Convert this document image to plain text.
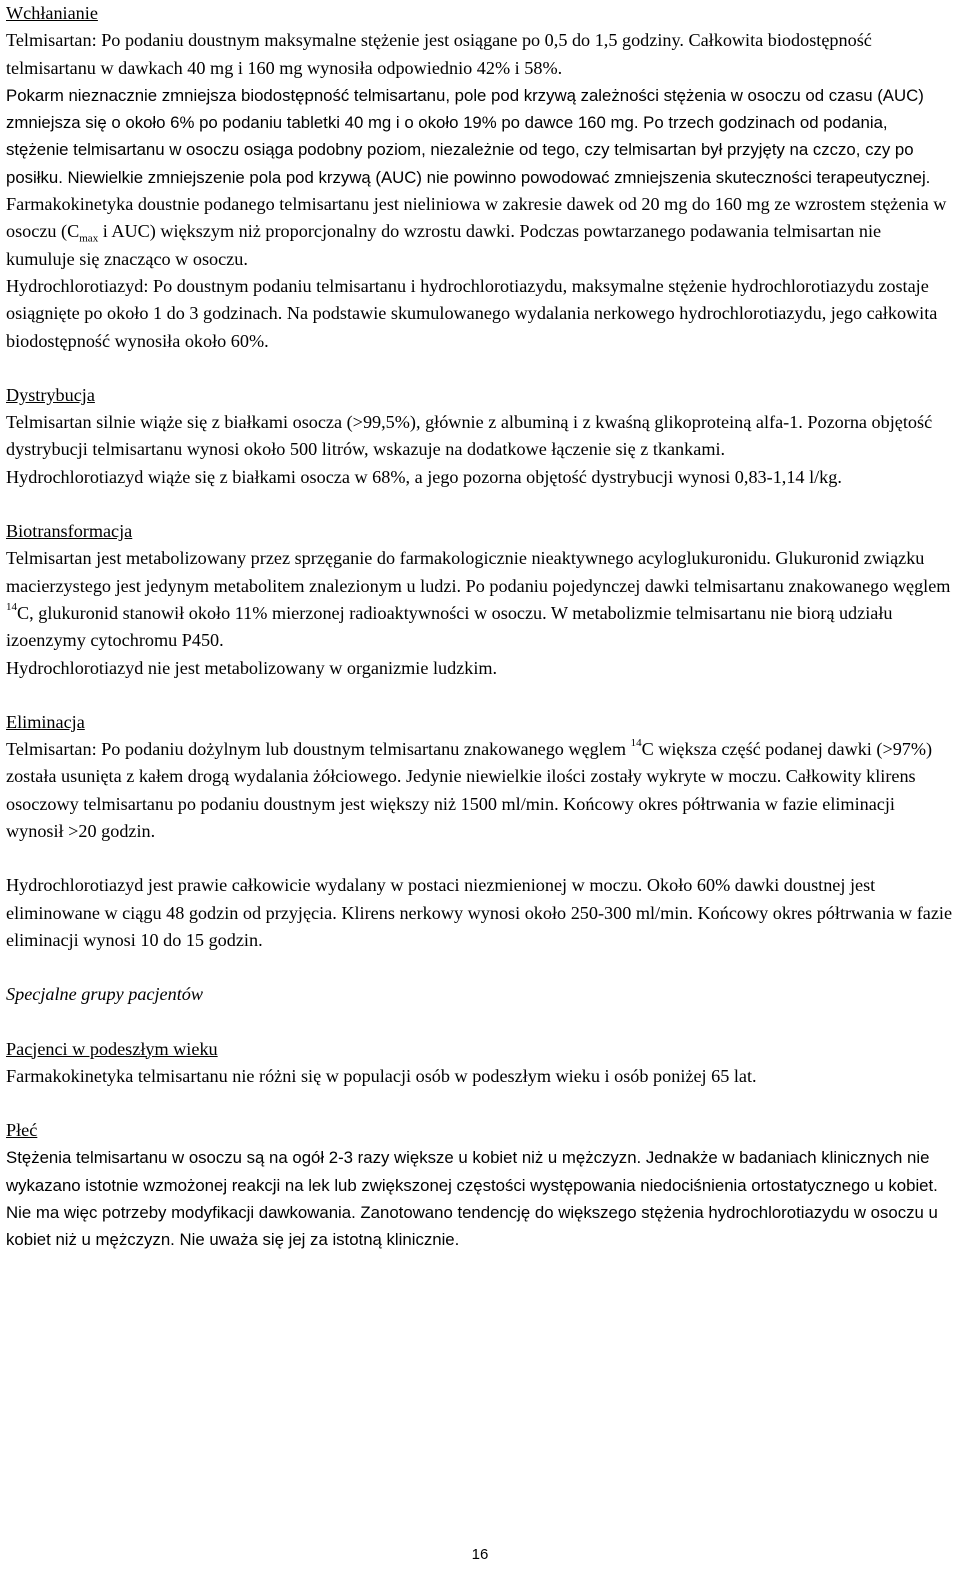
Wchłanianie

Telmisartan: Po podaniu doustnym maksymalne stężenie jest osiągane po 0,5 do 1,5 godziny. Całkowita biodostępność telmisartanu w dawkach 40 mg i 160 mg wynosiła odpowiednio 42% i 58%.

Pokarm nieznacznie zmniejsza biodostępność telmisartanu, pole pod krzywą zależności stężenia w osoczu od czasu (AUC) zmniejsza się o około 6% po podaniu tabletki 40 mg i o około 19% po dawce 160 mg. Po trzech godzinach od podania, stężenie telmisartanu w osoczu osiąga podobny poziom, niezależnie od tego, czy telmisartan był przyjęty na czczo, czy po posiłku. Niewielkie zmniejszenie pola pod krzywą (AUC) nie powinno powodować zmniejszenia skuteczności terapeutycznej. Farmakokinetyka doustnie podanego telmisartanu jest nieliniowa w zakresie dawek od 20 mg do 160 mg ze wzrostem stężenia w osoczu ($C_{max}$ i AUC) większym niż proporcjonalny do wzrostu dawki. Podczas powtarzanego podawania telmisartan nie kumuluje się znacząco w osoczu.

Hydrochlorotiazyd: Po doustnym podaniu telmisartanu i hydrochlorotiazydu, maksymalne stężenie hydrochlorotiazydu zostaje osiągnięte po około 1 do 3 godzinach. Na podstawie skumulowanego wydalania nerkowego hydrochlorotiazydu, jego całkowita biodostępność wynosiła około 60%.

Dystrybucja

Telmisartan silnie wiąże się z białkami osocza (>99,5%), głównie z albuminą i z kwaśną glikoproteiną alfa-1. Pozorna objętość dystrybucji telmisartanu wynosi około 500 litrów, wskazuje na dodatkowe łączenie się z tkankami.

Hydrochlorotiazyd wiąże się z białkami osocza w 68%, a jego pozorna objętość dystrybucji wynosi 0,83-1,14 l/kg.

Biotransformacja

Telmisartan jest metabolizowany przez sprzęganie do farmakologicznie nieaktywnego acyloglukuronidu. Glukuronid związku macierzystego jest jedynym metabolitem znalezionym u ludzi. Po podaniu pojedynczej dawki telmisartanu znakowanego węglem $^{14}$C, glukuronid stanowił około 11% mierzonej radioaktywności w osoczu. W metabolizmie telmisartanu nie biorą udziału izoenzymy cytochromu P450.

Hydrochlorotiazyd nie jest metabolizowany w organizmie ludzkim.

Eliminacja

Telmisartan: Po podaniu dożylnym lub doustnym telmisartanu znakowanego węglem $^{14}$C większa część podanej dawki (>97%) została usunięta z kałem drogą wydalania żółciowego. Jedynie niewielkie ilości zostały wykryte w moczu. Całkowity klirens osoczowy telmisartanu po podaniu doustnym jest większy niż 1500 ml/min. Końcowy okres półtrwania w fazie eliminacji wynosił >20 godzin.

Hydrochlorotiazyd jest prawie całkowicie wydalany w postaci niezmienionej w moczu. Około 60% dawki doustnej jest eliminowane w ciągu 48 godzin od przyjęcia. Klirens nerkowy wynosi około 250-300 ml/min. Końcowy okres półtrwania w fazie eliminacji wynosi 10 do 15 godzin.

Specjalne grupy pacjentów
Pacjenci w podeszłym wieku

Farmakokinetyka telmisartanu nie różni się w populacji osób w podeszłym wieku i osób poniżej 65 lat.

Płeć

Stężenia telmisartanu w osoczu są na ogół 2-3 razy większe u kobiet niż u mężczyzn. Jednakże w badaniach klinicznych nie wykazano istotnie wzmożonej reakcji na lek lub zwiększonej częstości występowania niedociśnienia ortostatycznego u kobiet. Nie ma więc potrzeby modyfikacji dawkowania. Zanotowano tendencję do większego stężenia hydrochlorotiazydu w osoczu u kobiet niż u mężczyzn. Nie uważa się jej za istotną klinicznie.

16
